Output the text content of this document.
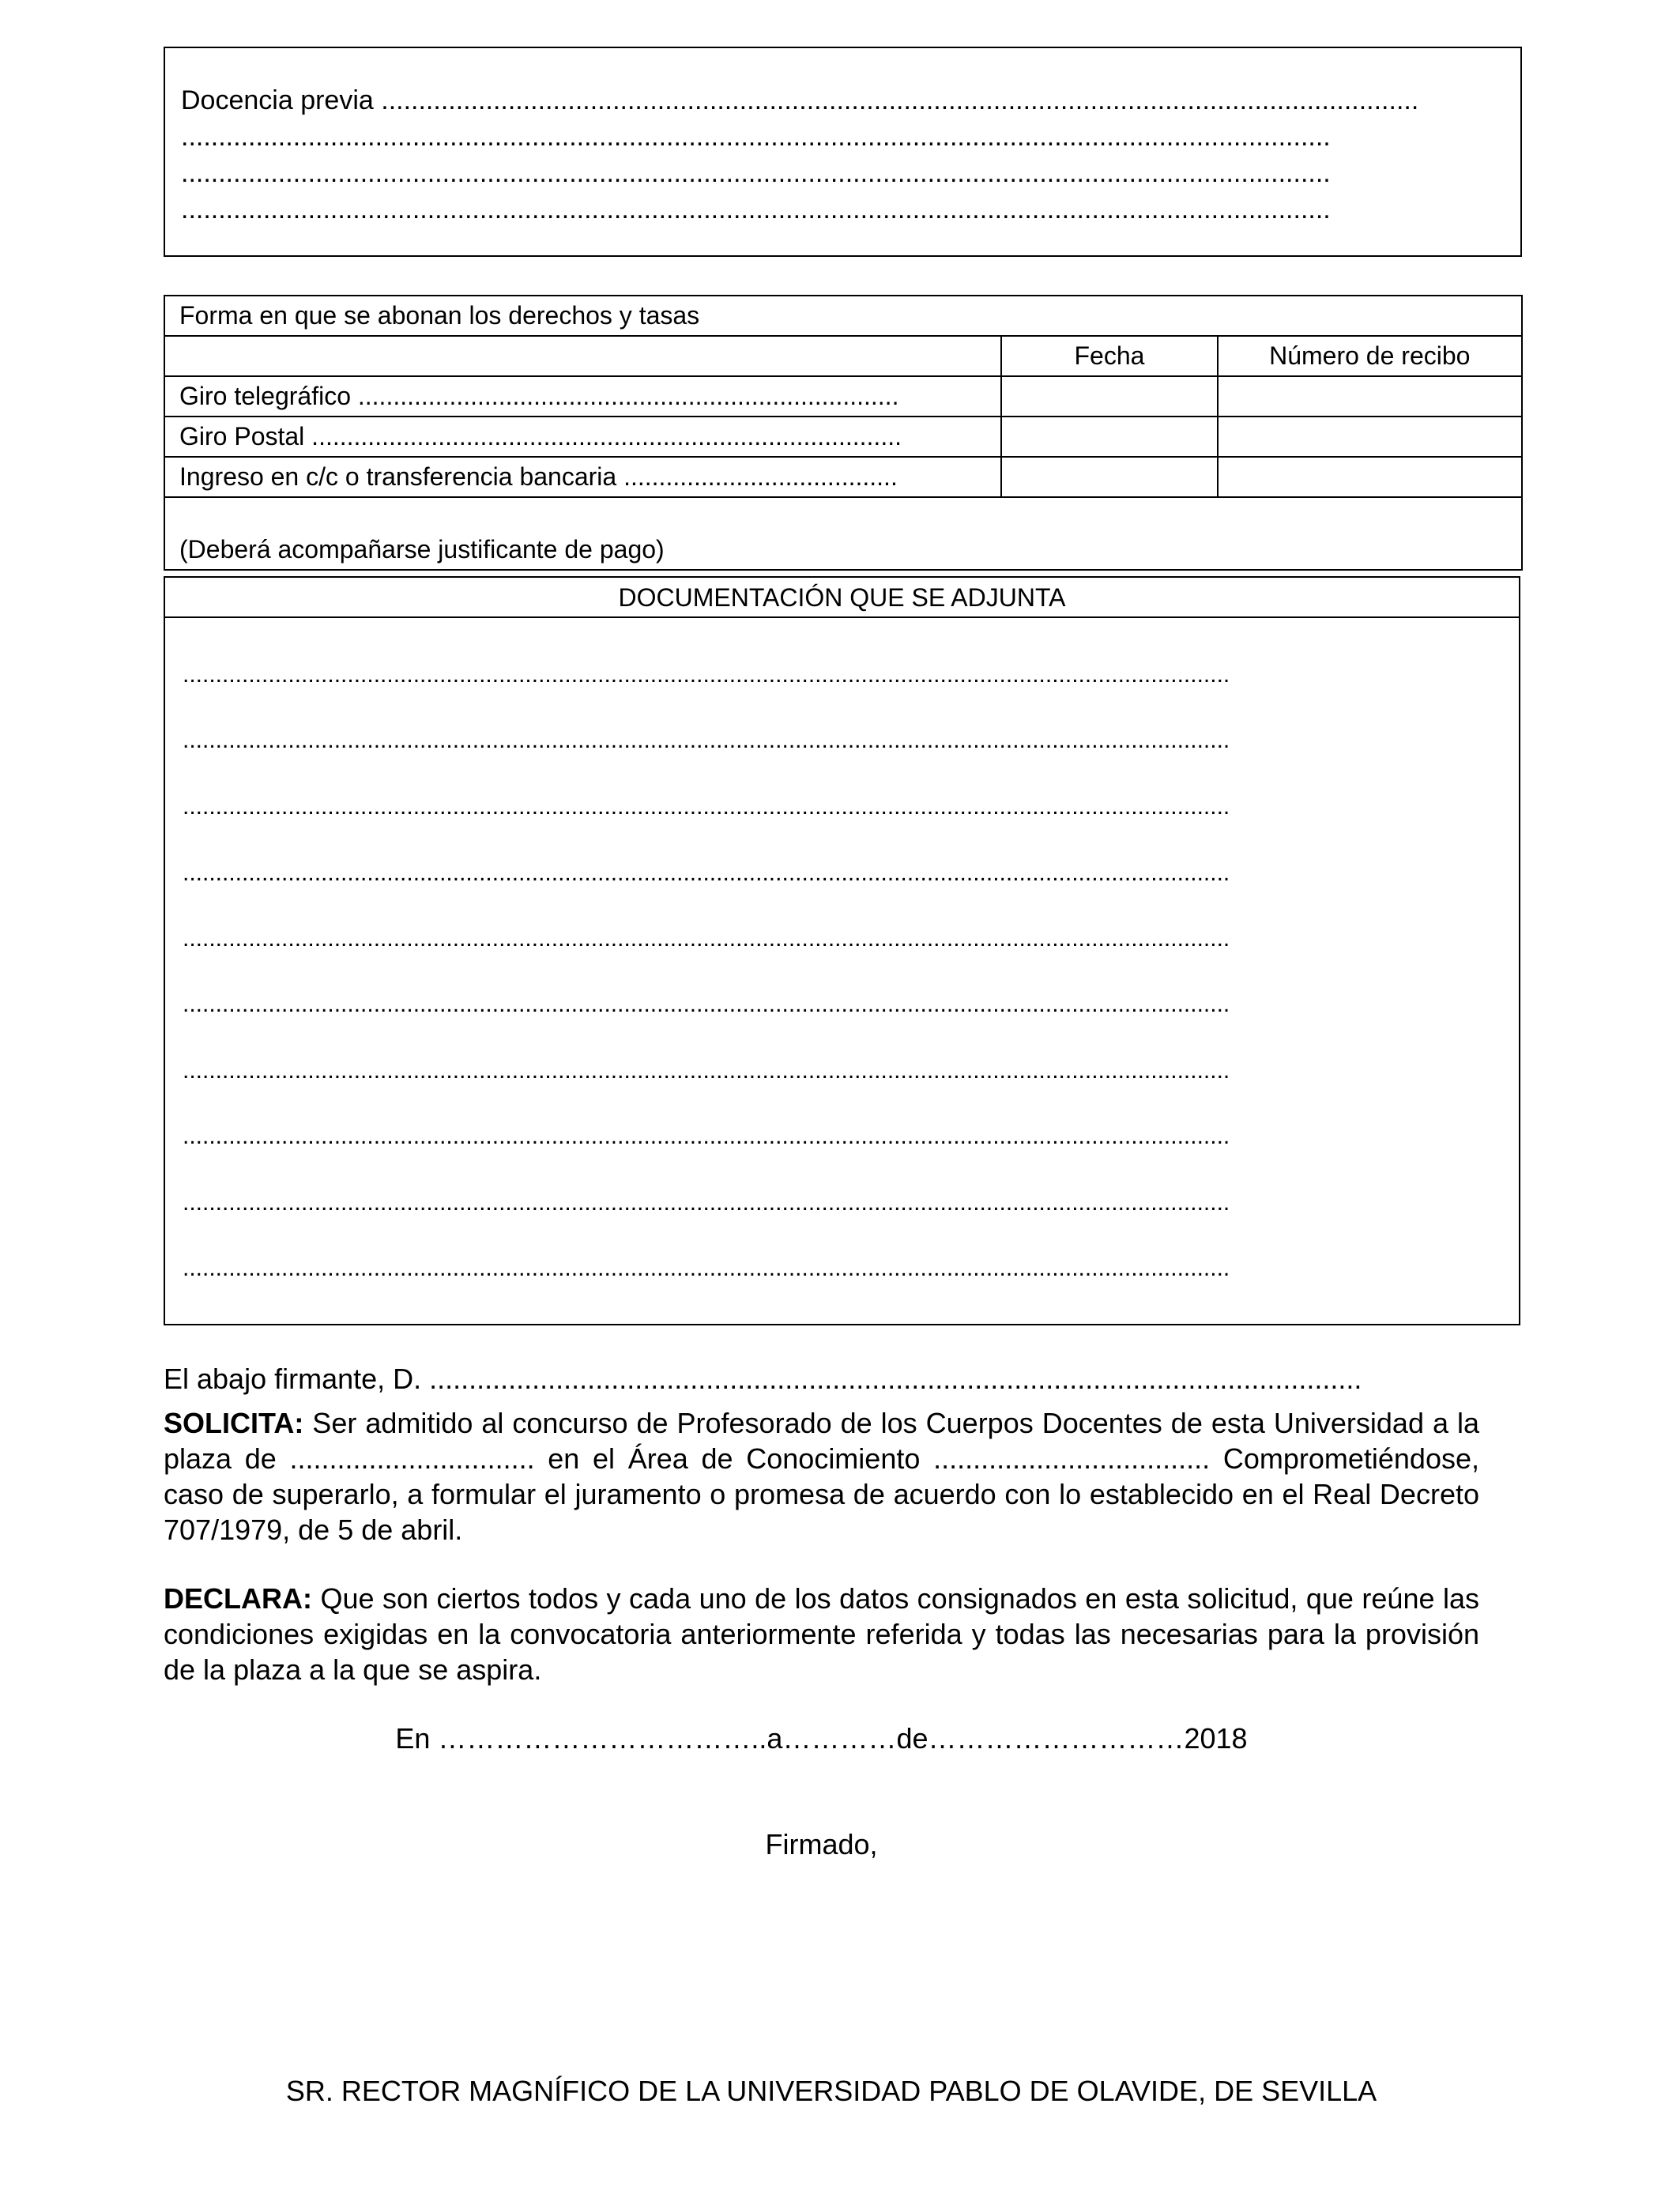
Docencia previa ...........................................................................................................................................
..........................................................................................................................................................
..........................................................................................................................................................
..........................................................................................................................................................
Forma en que se abonan los derechos y tasas		
	Fecha	Número de recibo
Giro telegráfico .............................................................................		
Giro Postal ....................................................................................		
Ingreso en c/c o transferencia bancaria .......................................		
(Deberá acompañarse justificante de pago)		
DOCUMENTACIÓN QUE SE ADJUNTA
...............................................................................................................................................................
...............................................................................................................................................................
...............................................................................................................................................................
...............................................................................................................................................................
...............................................................................................................................................................
...............................................................................................................................................................
...............................................................................................................................................................
...............................................................................................................................................................
...............................................................................................................................................................
...............................................................................................................................................................
El abajo firmante, D. ......................................................................................................................
SOLICITA: Ser admitido al concurso de Profesorado de los Cuerpos Docentes de esta Universidad a la plaza de ............................... en el Área de Conocimiento ................................... Comprometiéndose, caso de superarlo, a formular el juramento o promesa de acuerdo con lo establecido en el Real Decreto 707/1979, de 5 de abril.
DECLARA: Que son ciertos todos y cada uno de los datos consignados en esta solicitud, que reúne las condiciones exigidas en la convocatoria anteriormente referida y todas las necesarias para la provisión de la plaza a la que se aspira.
En ……………………………..a…………de………………………2018
Firmado,
SR. RECTOR MAGNÍFICO DE LA UNIVERSIDAD PABLO DE OLAVIDE, DE SEVILLA
